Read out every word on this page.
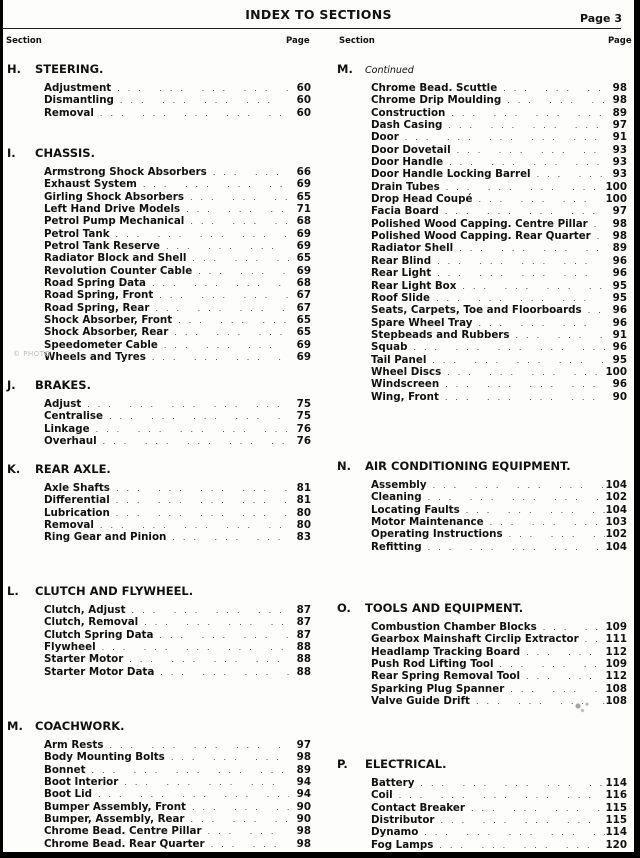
INDEX TO SECTIONS	Page 3
Section	Page	Section	Page
H. STEERING.
Adjustment ... .	60
Dismantling ... .	60
Removal ... .	60
I. CHASSIS.
Armstrong Shock Absorbers ... .	66
Exhaust System ... .	69
Girling Shock Absorbers ... .	65
Left Hand Drive Models ... .	71
Petrol Pump Mechanical ... .	68
Petrol Tank ... .	69
Petrol Tank Reserve ... .	69
Radiator Block and Shell ... .	65
Revolution Counter Cable ... .	69
Road Spring Data ... .	68
Road Spring, Front ... .	67
Road Spring, Rear ... .	67
Shock Absorber, Front ... .	65
Shock Absorber, Rear ... .	65
Speedometer Cable ... .	69
Wheels and Tyres ... .	69
J. BRAKES.
Adjust ... .	75
Centralise ... .	75
Linkage ... .	76
Overhaul ... .	76
K. REAR AXLE.
Axle Shafts ... .	81
Differential ... .	81
Lubrication ... .	80
Removal ... .	80
Ring Gear and Pinion ... .	83
L. CLUTCH AND FLYWHEEL.
Clutch, Adjust ... .	87
Clutch, Removal ... .	87
Clutch Spring Data ... .	87
Flywheel ... .	88
Starter Motor ... .	88
Starter Motor Data ... .	88
M. COACHWORK.
Arm Rests ... .	97
Body Mounting Bolts ... .	98
Bonnet ... .	89
Boot Interior ... .	94
Boot Lid ... .	94
Bumper Assembly, Front ... .	90
Bumper, Assembly, Rear ... .	90
Chrome Bead. Centre Pillar ... .	98
Chrome Bead. Rear Quarter ... .	98
M. Continued
Chrome Bead. Scuttle ... .	98
Chrome Drip Moulding ... .	98
Construction ... .	89
Dash Casing ... .	97
Door ... .	91
Door Dovetail ... .	93
Door Handle ... .	93
Door Handle Locking Barrel ... .	93
Drain Tubes ... .	100
Drop Head Coupé ... .	100
Facia Board ... .	97
Polished Wood Capping. Centre Pillar ... .	98
Polished Wood Capping. Rear Quarter ... .	98
Radiator Shell ... .	89
Rear Blind ... .	96
Rear Light ... .	96
Rear Light Box ... .	95
Roof Slide ... .	95
Seats, Carpets, Toe and Floorboards ... .	96
Spare Wheel Tray ... .	96
Stepbeads and Rubbers ... .	91
Squab ... .	96
Tail Panel ... .	95
Wheel Discs ... .	100
Windscreen ... .	96
Wing, Front ... .	90
N. AIR CONDITIONING EQUIPMENT.
Assembly ... .	104
Cleaning ... .	102
Locating Faults ... .	104
Motor Maintenance ... .	103
Operating Instructions ... .	102
Refitting ... .	104
O. TOOLS AND EQUIPMENT.
Combustion Chamber Blocks ... .	109
Gearbox Mainshaft Circlip Extractor ... .	111
Headlamp Tracking Board ... .	112
Push Rod Lifting Tool ... .	109
Rear Spring Removal Tool ... .	112
Sparking Plug Spanner ... .	108
Valve Guide Drift ... .	108
P. ELECTRICAL.
Battery ... .	114
Coil ... .	116
Contact Breaker ... .	115
Distributor ... .	115
Dynamo ... .	114
Fog Lamps ... .	120
© PHOTO
